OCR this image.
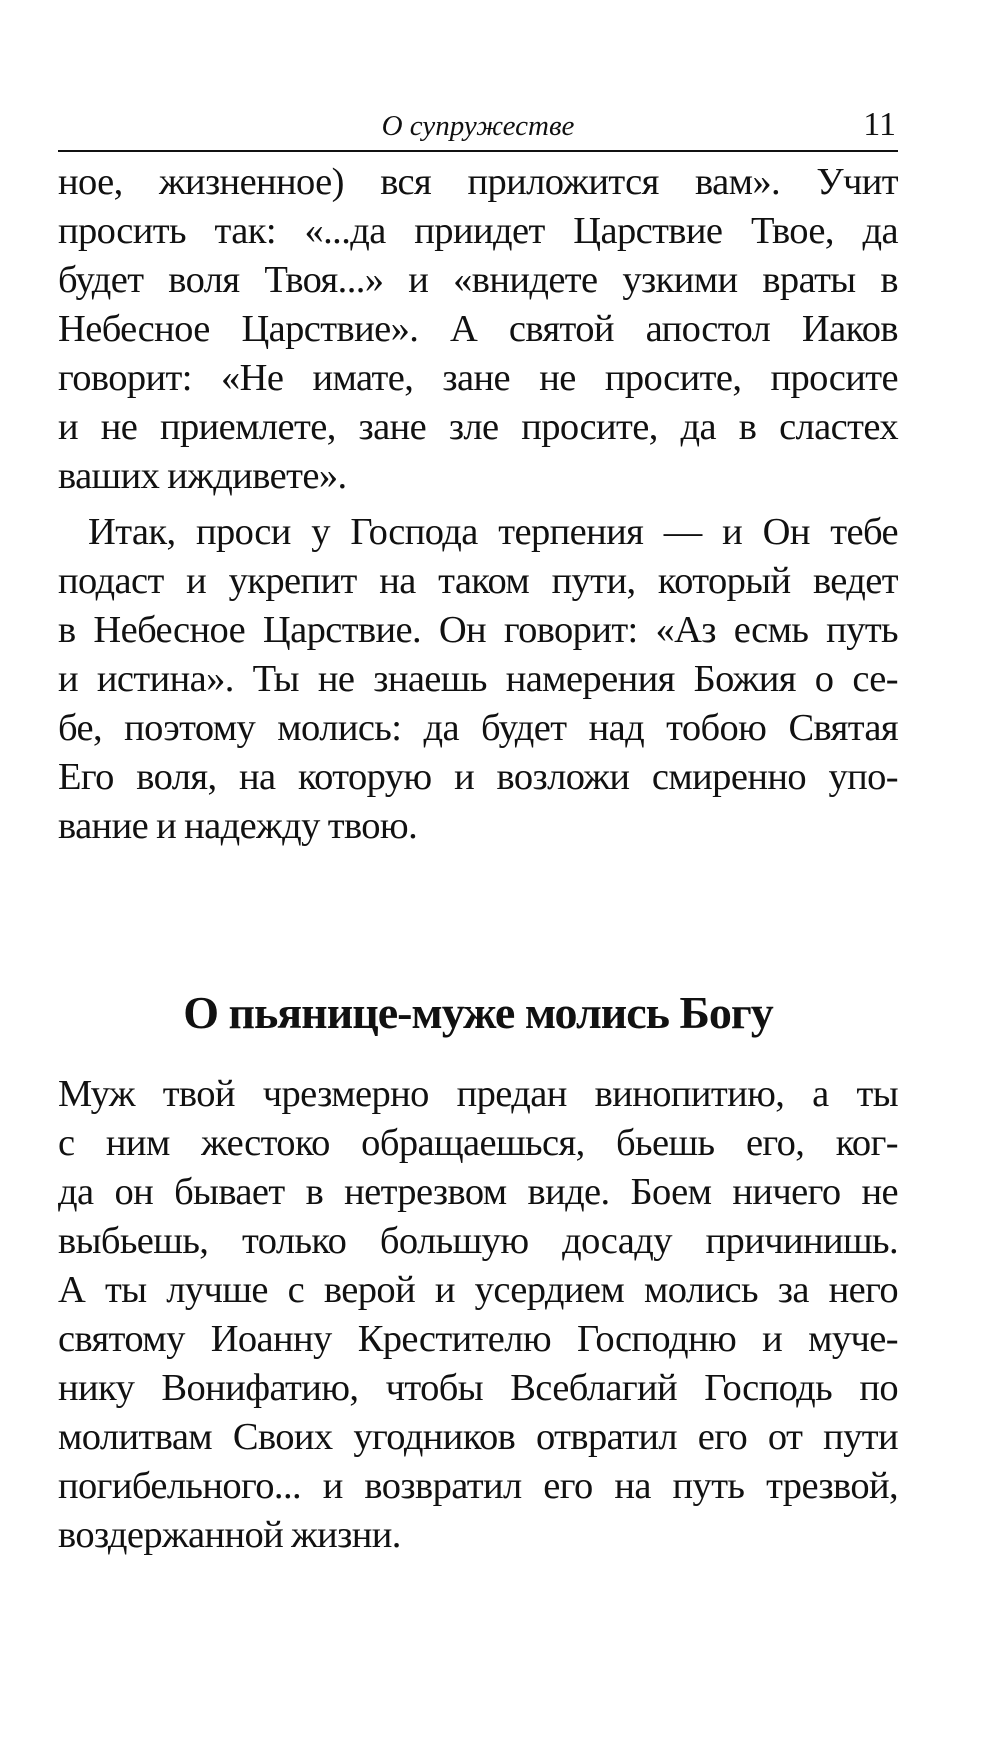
О супружестве	11
ное, жизненное) вся приложится вам». Учит
просить так: «...да приидет Царствие Твое, да
будет воля Твоя...» и «внидете узкими враты в
Небесное Царствие». А святой апостол Иаков
говорит: «Не имате, зане не просите, просите
и не приемлете, зане зле просите, да в сластех
ваших иждивете».
Итак, проси у Господа терпения — и Он тебе
подаст и укрепит на таком пути, который ведет
в Небесное Царствие. Он говорит: «Аз есмь путь
и истина». Ты не знаешь намерения Божия о се-
бе, поэтому молись: да будет над тобою Святая
Его воля, на которую и возложи смиренно упо-
вание и надежду твою.
О пьянице-муже молись Богу
Муж твой чрезмерно предан винопитию, а ты
с ним жестоко обращаешься, бьешь его, ког-
да он бывает в нетрезвом виде. Боем ничего не
выбьешь, только большую досаду причинишь.
А ты лучше с верой и усердием молись за него
святому Иоанну Крестителю Господню и муче-
нику Вонифатию, чтобы Всеблагий Господь по
молитвам Своих угодников отвратил его от пути
погибельного... и возвратил его на путь трезвой,
воздержанной жизни.
